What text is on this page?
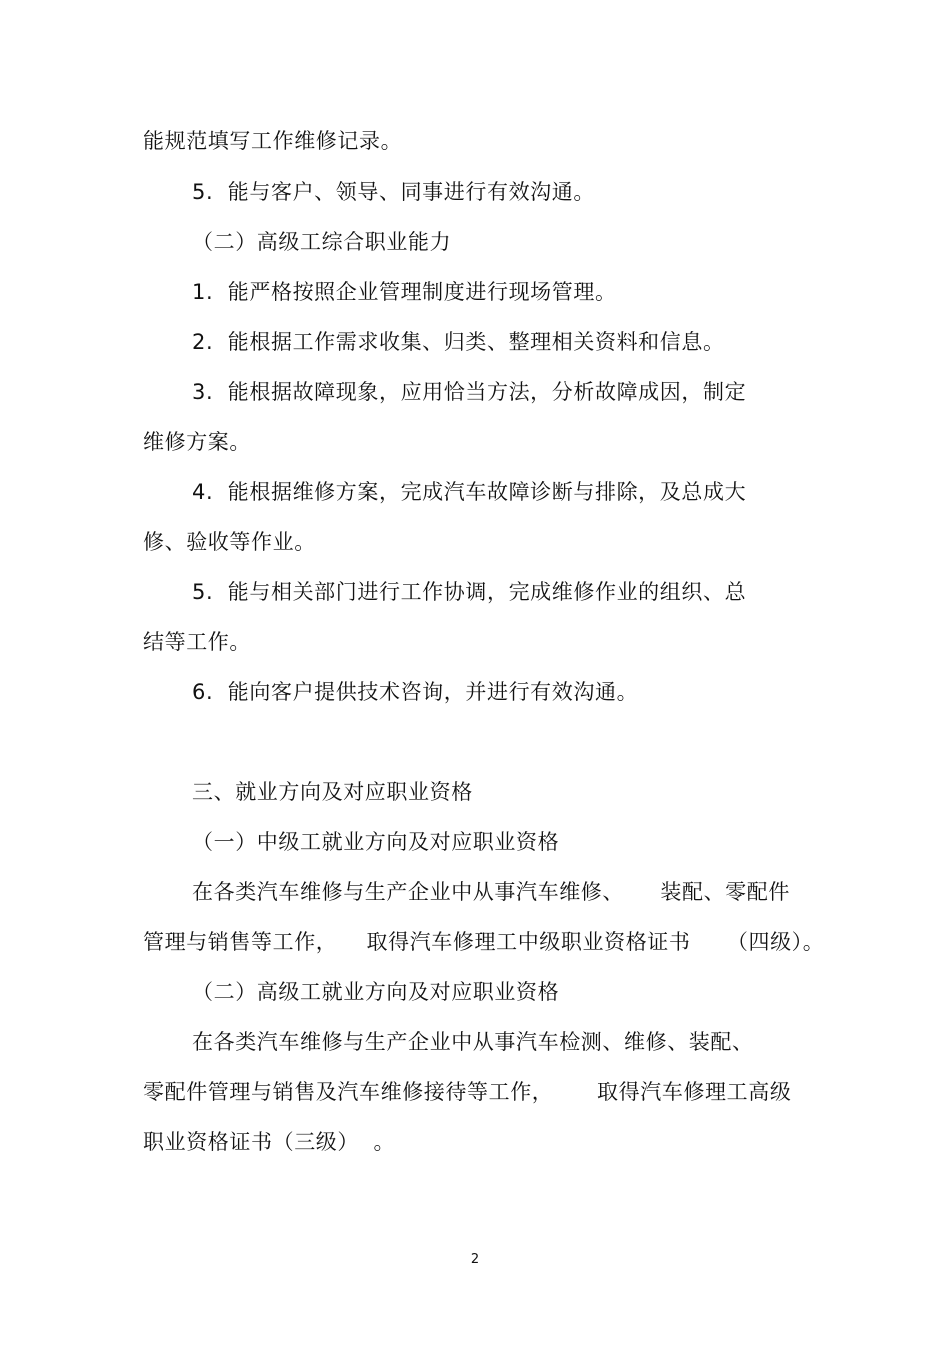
能规范填写工作维修记录。
5.  能与客户、领导、同事进行有效沟通。
（二）高级工综合职业能力
1.  能严格按照企业管理制度进行现场管理。
2.  能根据工作需求收集、归类、整理相关资料和信息。
3.  能根据故障现象，应用恰当方法，分析故障成因，制定
维修方案。
4.  能根据维修方案，完成汽车故障诊断与排除，及总成大
修、验收等作业。
5.  能与相关部门进行工作协调，完成维修作业的组织、总
结等工作。
6.  能向客户提供技术咨询，并进行有效沟通。
三、就业方向及对应职业资格
（一）中级工就业方向及对应职业资格
在各类汽车维修与生产企业中从事汽车维修、     装配、零配件
管理与销售等工作，    取得汽车修理工中级职业资格证书     （四级）。
（二）高级工就业方向及对应职业资格
在各类汽车维修与生产企业中从事汽车检测、维修、装配、
零配件管理与销售及汽车维修接待等工作，      取得汽车修理工高级
职业资格证书（三级）  。
2
